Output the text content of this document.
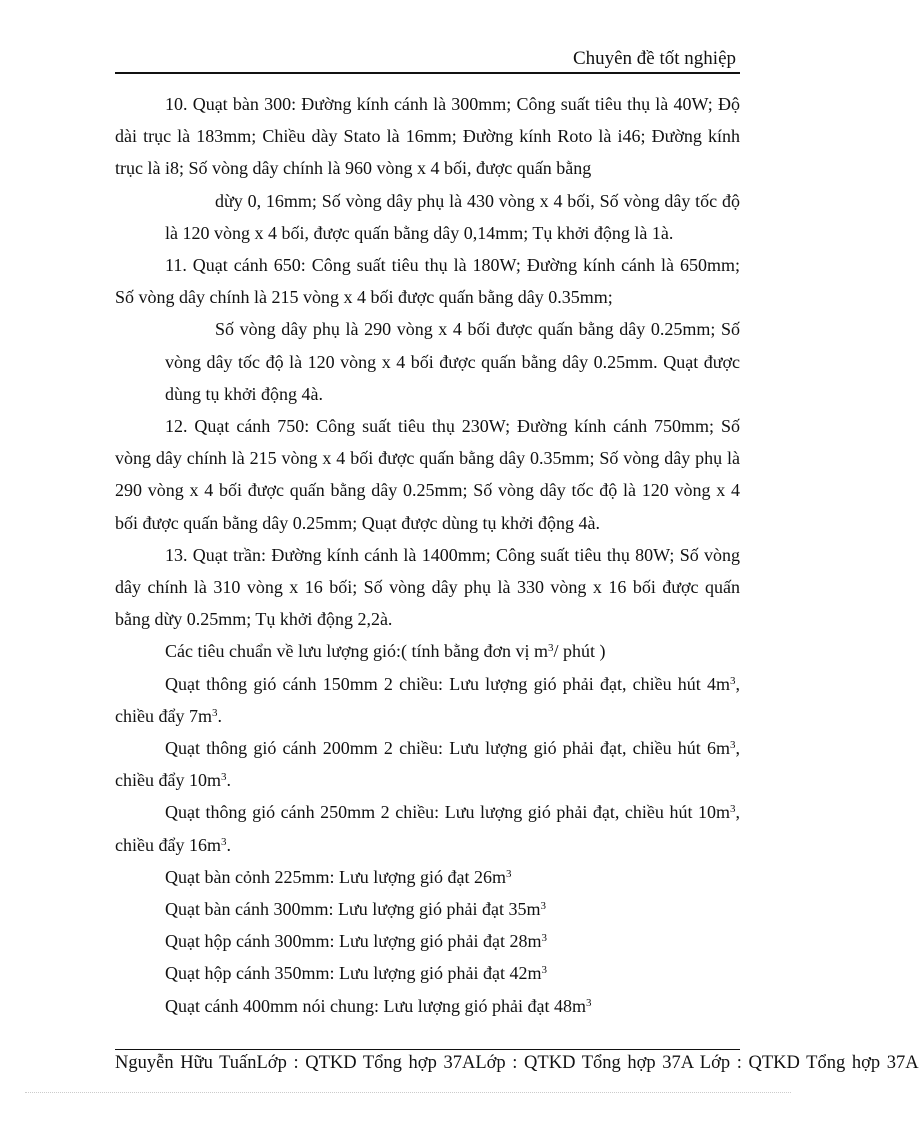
Chuyên đề tốt nghiệp

10. Quạt bàn 300: Đường kính cánh là 300mm; Công suất tiêu thụ là 40W; Độ dài trục là 183mm; Chiều dày Stato là 16mm; Đường kính Roto là i46; Đường kính trục là i8; Số vòng dây chính là 960 vòng x 4 bối, được quấn bằng
dừy 0, 16mm; Số vòng dây phụ là 430 vòng x 4 bối, Số vòng dây tốc độ là 120 vòng x 4 bối, được quấn bằng dây 0,14mm; Tụ khởi động là 1à.

11. Quạt cánh 650: Công suất tiêu thụ là 180W; Đường kính cánh là 650mm; Số vòng dây chính là 215 vòng x 4 bối được quấn bằng dây 0.35mm;
Số vòng dây phụ là 290 vòng x 4 bối được quấn bằng dây 0.25mm; Số vòng dây tốc độ là 120 vòng x 4 bối được quấn bằng dây 0.25mm. Quạt được dùng tụ khởi động 4à.

12. Quạt cánh 750: Công suất tiêu thụ 230W; Đường kính cánh 750mm; Số vòng dây chính là 215 vòng x 4 bối được quấn bằng dây 0.35mm; Số vòng dây phụ là 290 vòng x 4 bối được quấn bằng dây 0.25mm; Số vòng dây tốc độ là 120 vòng x 4 bối được quấn bằng dây 0.25mm; Quạt được dùng tụ khởi động 4à.

13. Quạt trần: Đường kính cánh là 1400mm; Công suất tiêu thụ 80W; Số vòng dây chính là 310 vòng x 16 bối; Số vòng dây phụ là 330 vòng x 16 bối được quấn bằng dừy 0.25mm; Tụ khởi động 2,2à.

Các tiêu chuẩn về lưu lượng gió:( tính bằng đơn vị $m^3/$ phút )

Quạt thông gió cánh 150mm 2 chiều: Lưu lượng gió phải đạt, chiều hút $4m^3$, chiều đẩy $7m^3$.

Quạt thông gió cánh 200mm 2 chiều: Lưu lượng gió phải đạt, chiều hút $6m^3$, chiều đẩy $10m^3$.

Quạt thông gió cánh 250mm 2 chiều: Lưu lượng gió phải đạt, chiều hút $10m^3$, chiều đẩy $16m^3$.

Quạt bàn cỏnh 225mm: Lưu lượng gió đạt $26m^3$

Quạt bàn cánh 300mm: Lưu lượng gió phải đạt $35m^3$

Quạt hộp cánh 300mm: Lưu lượng gió phải đạt $28m^3$

Quạt hộp cánh 350mm: Lưu lượng gió phải đạt $42m^3$

Quạt cánh 400mm nói chung: Lưu lượng gió phải đạt $48m^3$

Nguyễn Hữu TuấnLớp : QTKD Tổng hợp 37ALớp : QTKD Tổng hợp 37A Lớp : QTKD Tổng hợp 37A
